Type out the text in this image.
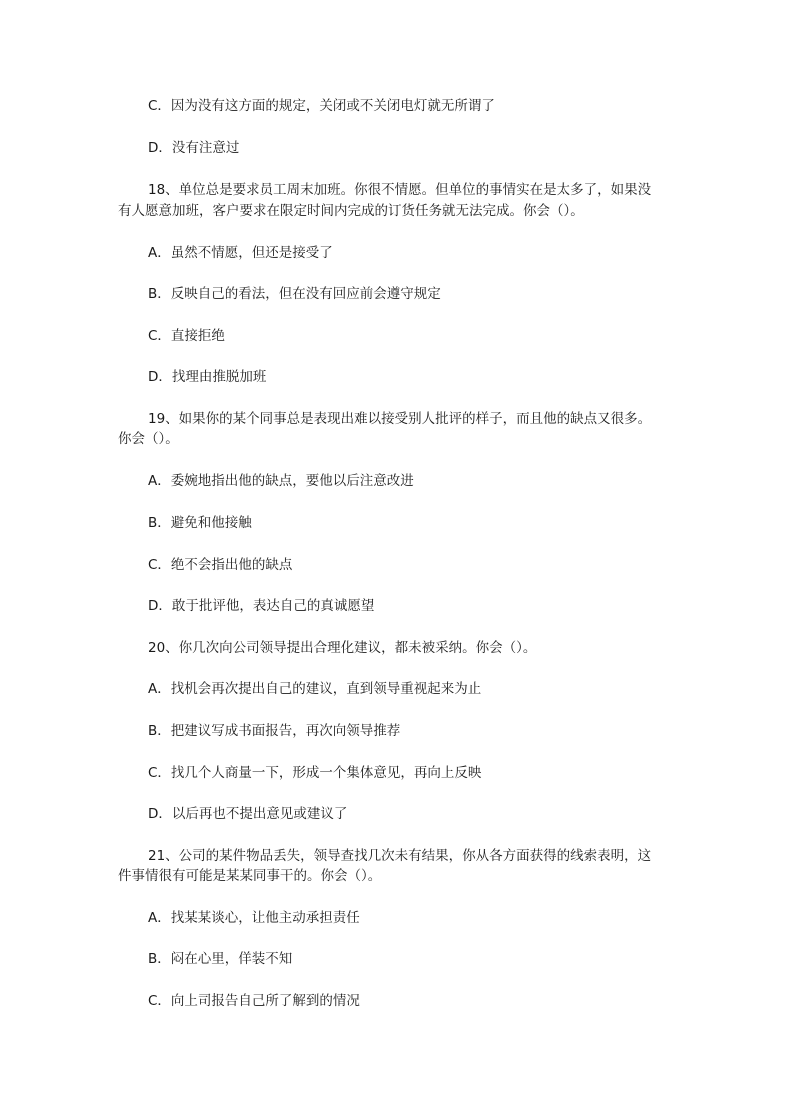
C．因为没有这方面的规定，关闭或不关闭电灯就无所谓了
D．没有注意过
18、单位总是要求员工周末加班。你很不情愿。但单位的事情实在是太多了，如果没
有人愿意加班，客户要求在限定时间内完成的订货任务就无法完成。你会（）。
A．虽然不情愿，但还是接受了
B．反映自己的看法，但在没有回应前会遵守规定
C．直接拒绝
D．找理由推脱加班
19、如果你的某个同事总是表现出难以接受别人批评的样子，而且他的缺点又很多。
你会（）。
A．委婉地指出他的缺点，要他以后注意改进
B．避免和他接触
C．绝不会指出他的缺点
D．敢于批评他，表达自己的真诚愿望
20、你几次向公司领导提出合理化建议，都未被采纳。你会（）。
A．找机会再次提出自己的建议，直到领导重视起来为止
B．把建议写成书面报告，再次向领导推荐
C．找几个人商量一下，形成一个集体意见，再向上反映
D．以后再也不提出意见或建议了
21、公司的某件物品丢失，领导查找几次未有结果，你从各方面获得的线索表明，这
件事情很有可能是某某同事干的。你会（）。
A．找某某谈心，让他主动承担责任
B．闷在心里，佯装不知
C．向上司报告自己所了解到的情况
